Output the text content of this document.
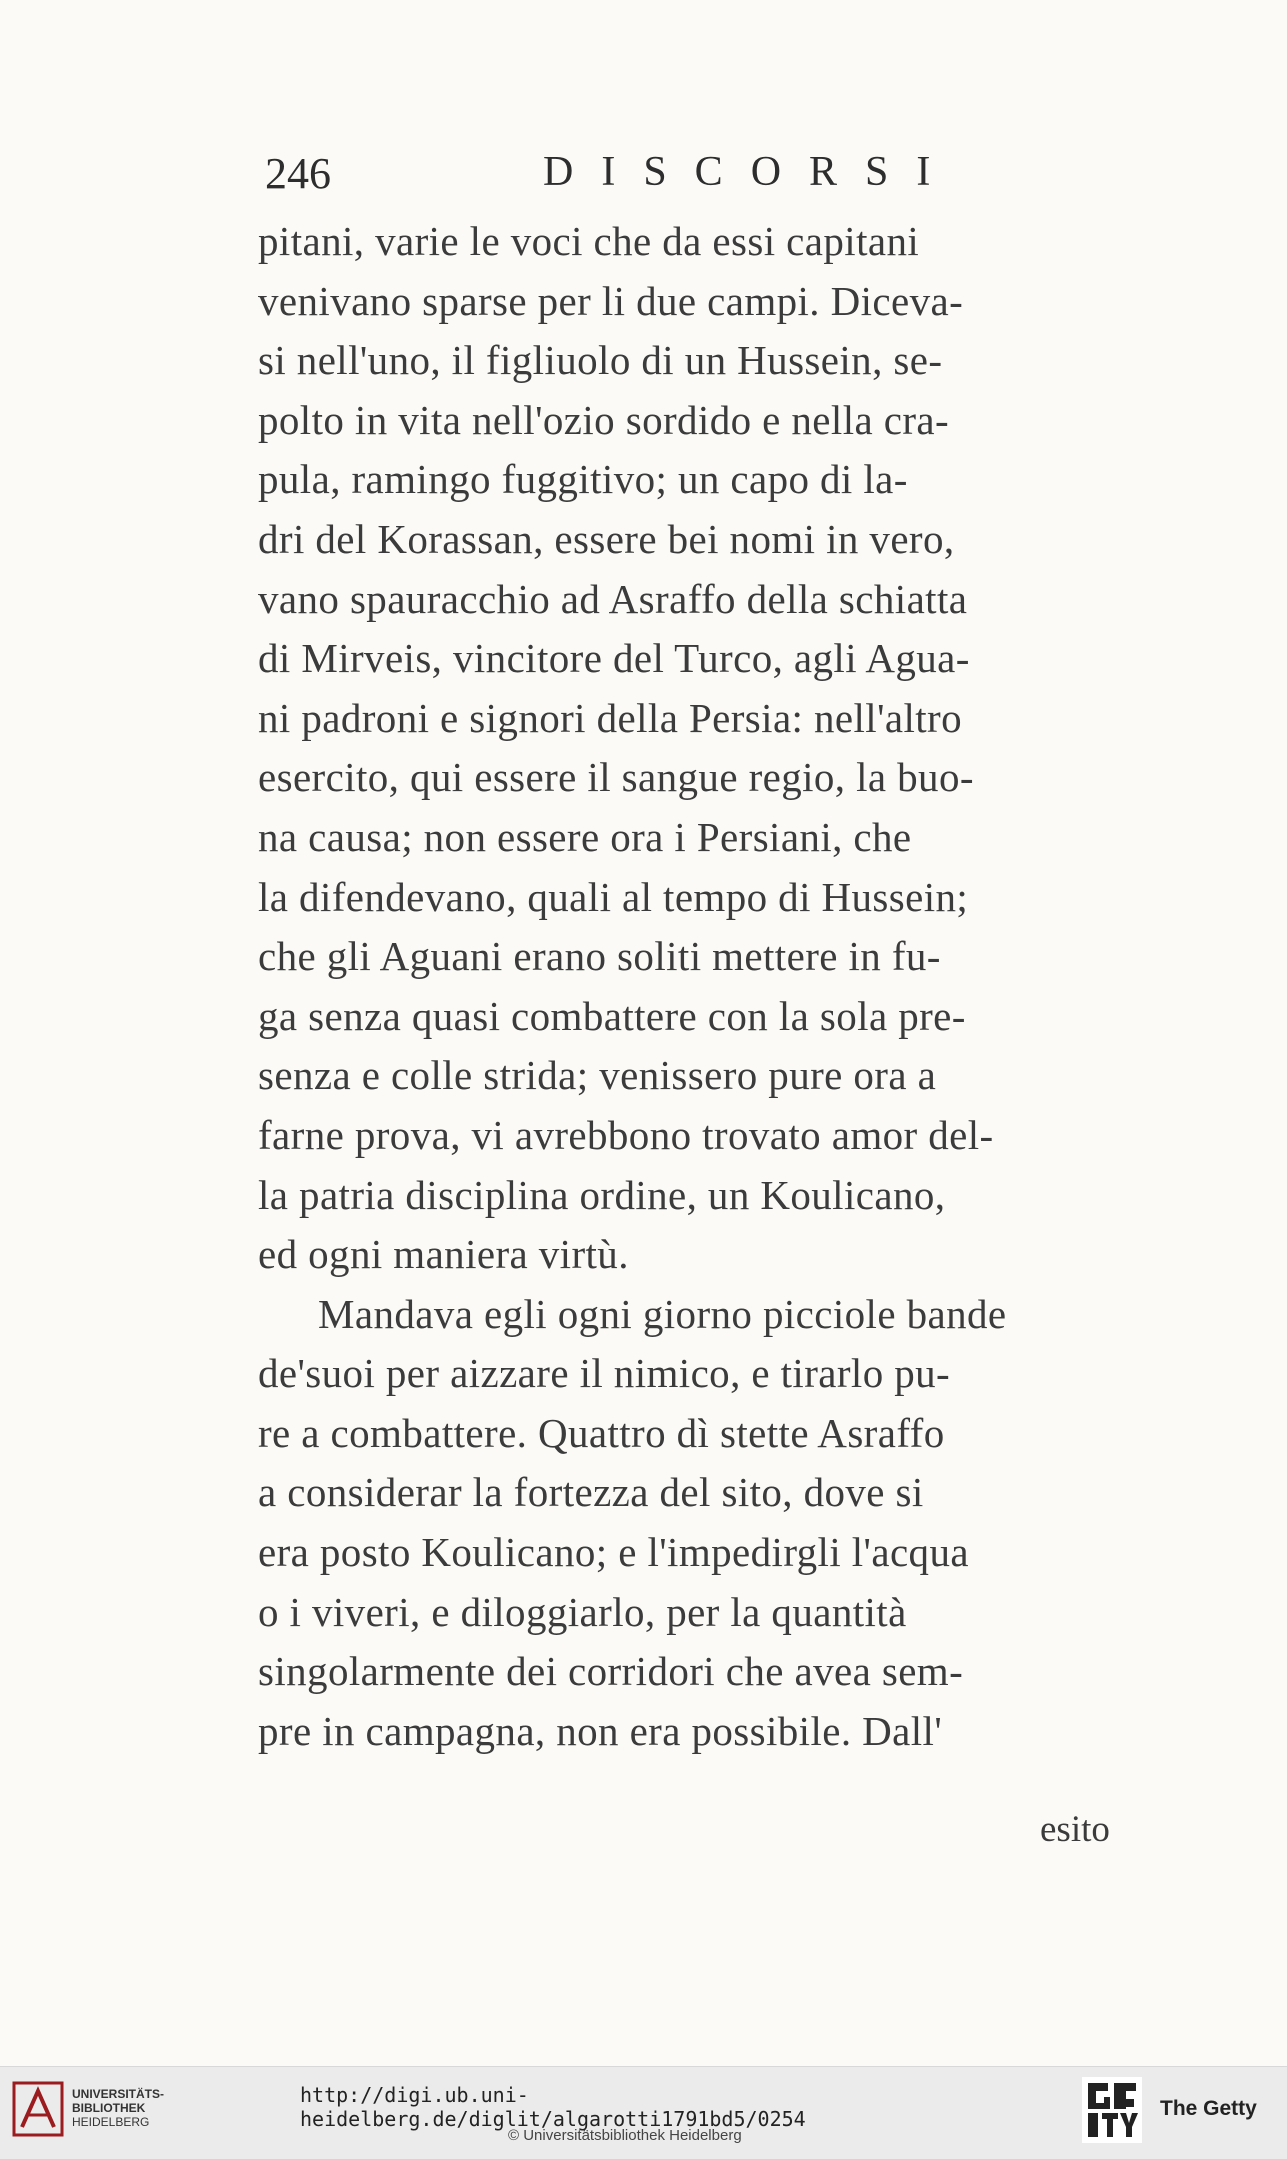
246	DISCORSI
pitani, varie le voci che da essi capitani
venivano sparse per li due campi. Diceva-
si nell'uno, il figliuolo di un Hussein, se-
polto in vita nell'ozio sordido e nella cra-
pula, ramingo fuggitivo; un capo di la-
dri del Korassan, essere bei nomi in vero,
vano spauracchio ad Asraffo della schiatta
di Mirveis, vincitore del Turco, agli Agua-
ni padroni e signori della Persia: nell'altro
esercito, qui essere il sangue regio, la buo-
na causa; non essere ora i Persiani, che
la difendevano, quali al tempo di Hussein;
che gli Aguani erano soliti mettere in fu-
ga senza quasi combattere con la sola pre-
senza e colle strida; venissero pure ora a
farne prova, vi avrebbono trovato amor del-
la patria disciplina ordine, un Koulicano,
ed ogni maniera virtù.
Mandava egli ogni giorno picciole bande
de'suoi per aizzare il nimico, e tirarlo pu-
re a combattere. Quattro dì stette Asraffo
a considerar la fortezza del sito, dove si
era posto Koulicano; e l'impedirgli l'acqua
o i viveri, e diloggiarlo, per la quantità
singolarmente dei corridori che avea sem-
pre in campagna, non era possibile. Dall'
esito
UNIVERSITÄTS-
BIBLIOTHEK
HEIDELBERG
http://digi.ub.uni-heidelberg.de/diglit/algarotti1791bd5/0254
© Universitätsbibliothek Heidelberg
The Getty
